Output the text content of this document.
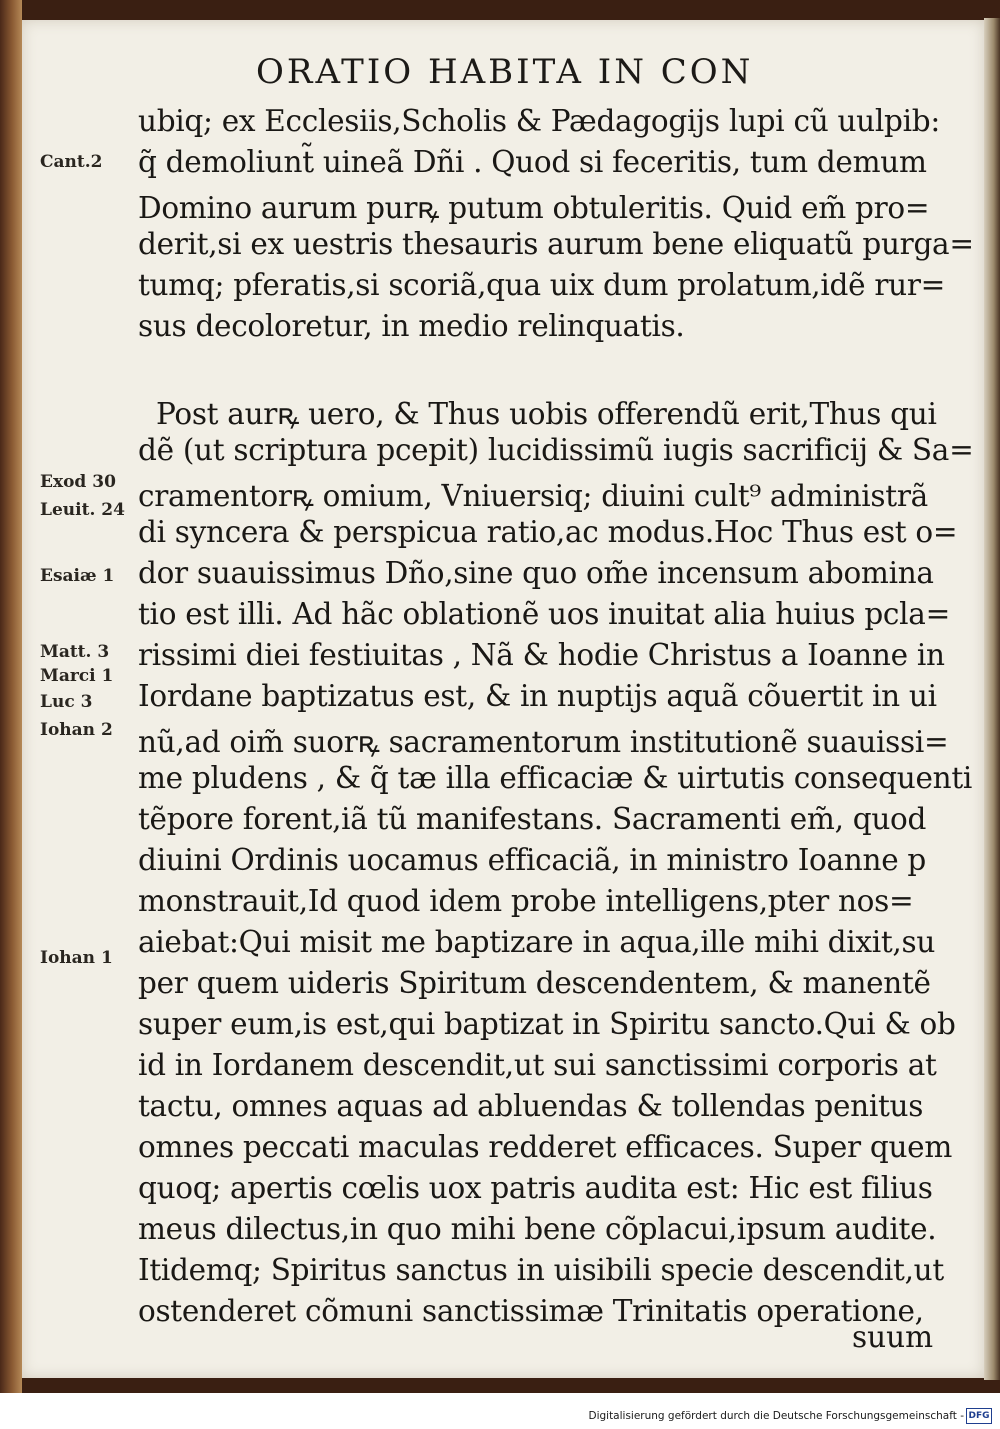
ORATIO HABITA IN CON
ubiq; ex Ecclesiis,Scholis & Pædagogijs lupi cũ uulpib:
q̃ demoliunt͏̃ uineã Dñi . Quod si feceritis, tum demum
Domino aurum purꝶ putum obtuleritis. Quid em̃ pro=
derit,si ex uestris thesauris aurum bene eliquatũ purga=
tumq; pferatis,si scoriã,qua uix dum prolatum,idẽ rur=
sus decoloretur, in medio relinquatis.
Post aurꝶ uero, & Thus uobis offerendũ erit,Thus qui
dẽ (ut scriptura pcepit) lucidissimũ iugis sacrificij & Sa=
cramentorꝶ omium, Vniuersiq; diuini cult⁹ administrã
di syncera & perspicua ratio,ac modus.Hoc Thus est o=
dor suauissimus Dño,sine quo om̃e incensum abomina
tio est illi. Ad hãc oblationẽ uos inuitat alia huius pcla=
rissimi diei festiuitas , Nã & hodie Christus a Ioanne in
Iordane baptizatus est, & in nuptijs aquã cõuertit in ui
nũ,ad oim̃ suorꝶ sacramentorum institutionẽ suauissi=
me pludens , & q̃ tæ illa efficaciæ & uirtutis consequenti
tẽpore forent,iã tũ manifestans. Sacramenti em̃, quod
diuini Ordinis uocamus efficaciã, in ministro Ioanne p
monstrauit,Id quod idem probe intelligens,pter nos=
aiebat:Qui misit me baptizare in aqua,ille mihi dixit,su
per quem uideris Spiritum descendentem, & manentẽ
super eum,is est,qui baptizat in Spiritu sancto.Qui & ob
id in Iordanem descendit,ut sui sanctissimi corporis at
tactu, omnes aquas ad abluendas & tollendas penitus
omnes peccati maculas redderet efficaces. Super quem
quoq; apertis cœlis uox patris audita est: Hic est filius
meus dilectus,in quo mihi bene cõplacui,ipsum audite.
Itidemq; Spiritus sanctus in uisibili specie descendit,ut
ostenderet cõmuni sanctissimæ Trinitatis operatione,
suum
Cant.2
Exod 30
Leuit. 24
Esaiæ 1
Matt. 3
Marci 1
Luc 3
Iohan 2
Iohan 1
Digitalisierung gefördert durch die Deutsche Forschungsgemeinschaft - DFG
